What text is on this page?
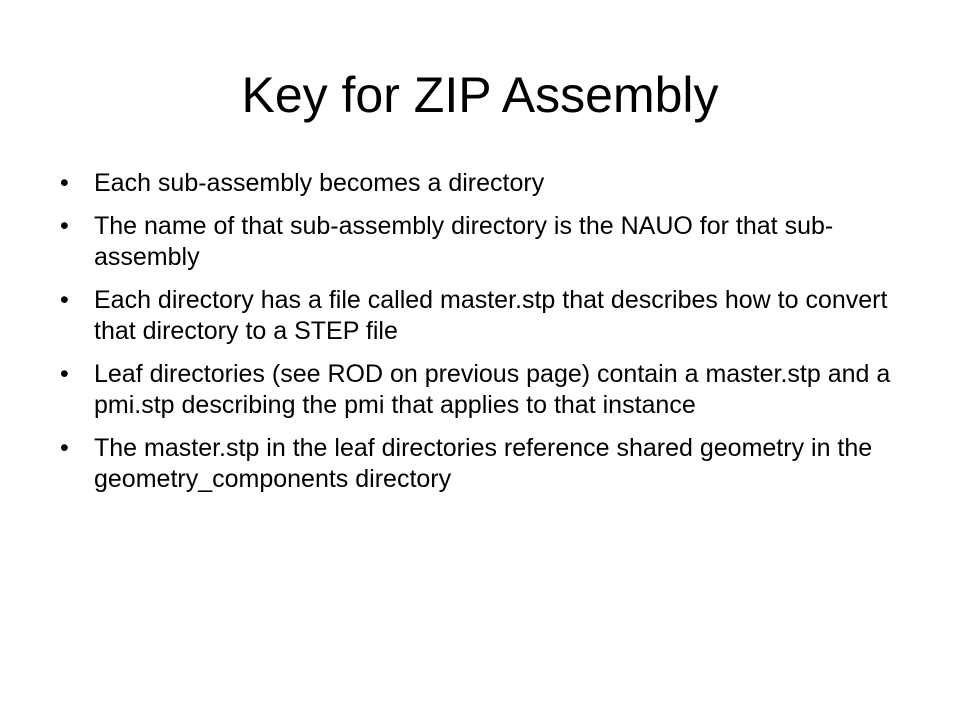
Key for ZIP Assembly
•	Each sub-assembly becomes a directory
•	The name of that sub-assembly directory is the NAUO for that sub-assembly
•	Each directory has a file called master.stp that describes how to convert that directory to a STEP file
•	Leaf directories (see ROD on previous page) contain a master.stp and a pmi.stp describing the pmi that applies to that instance
•	The master.stp in the leaf directories reference shared geometry in the geometry_components directory
